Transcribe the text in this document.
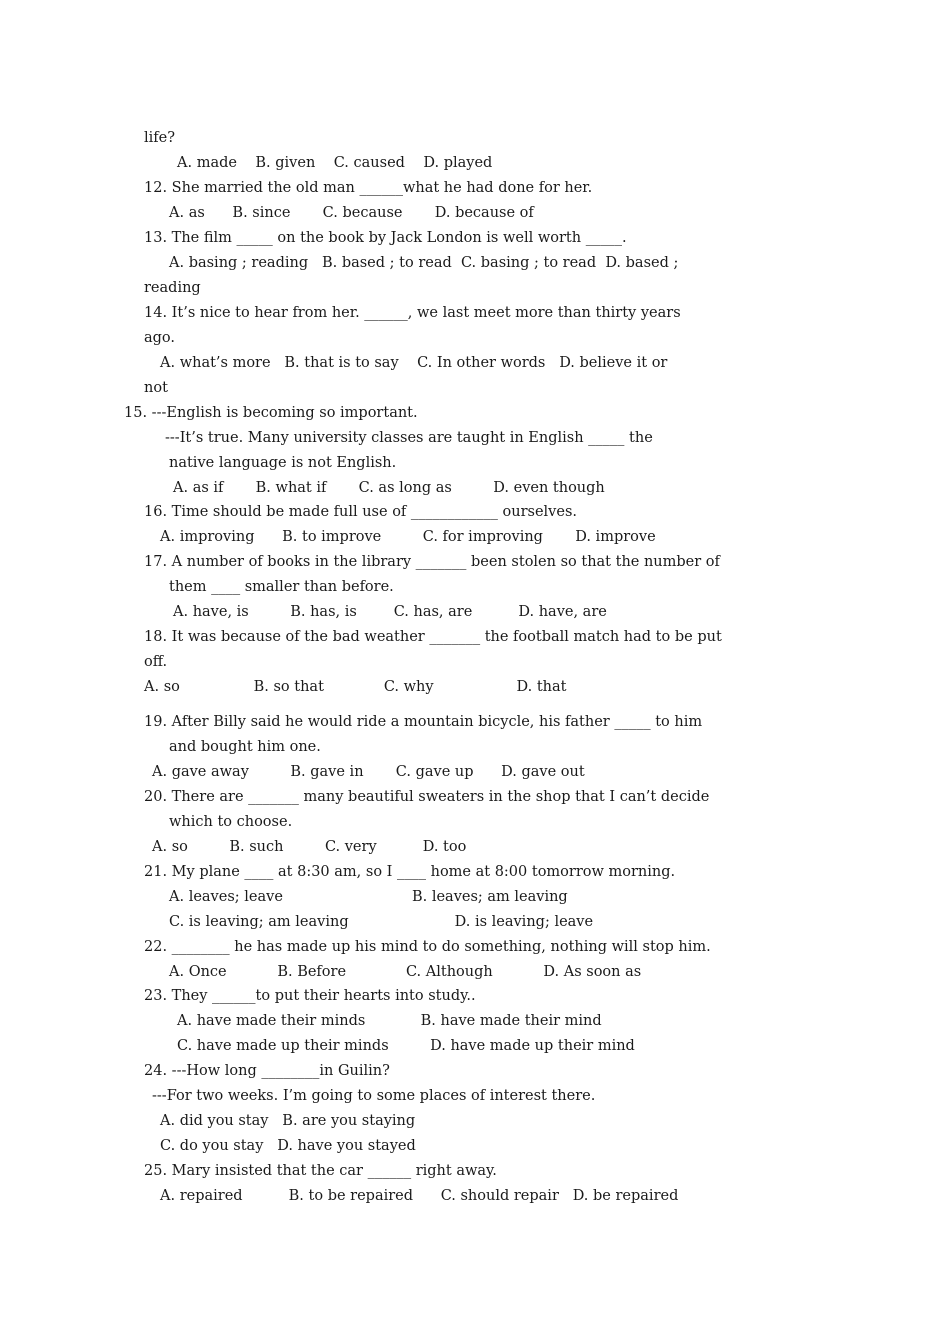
life?
A. made    B. given    C. caused    D. played
12. She married the old man ______what he had done for her.
A. as      B. since       C. because       D. because of
13. The film _____ on the book by Jack London is well worth _____.
A. basing ; reading   B. based ; to read  C. basing ; to read  D. based ;
reading
14. It’s nice to hear from her. ______, we last meet more than thirty years
ago.
A. what’s more   B. that is to say    C. In other words   D. believe it or
not
15. ---English is becoming so important.
---It’s true. Many university classes are taught in English _____ the
native language is not English.
A. as if       B. what if       C. as long as         D. even though
16. Time should be made full use of ____________ ourselves.
A. improving      B. to improve         C. for improving       D. improve
17. A number of books in the library _______ been stolen so that the number of
them ____ smaller than before.
A. have, is         B. has, is        C. has, are          D. have, are
18. It was because of the bad weather _______ the football match had to be put
off.
A. so                B. so that             C. why                  D. that
19. After Billy said he would ride a mountain bicycle, his father _____ to him
and bought him one.
A. gave away         B. gave in       C. gave up      D. gave out
20. There are _______ many beautiful sweaters in the shop that I can’t decide
which to choose.
A. so         B. such         C. very          D. too
21. My plane ____ at 8:30 am, so I ____ home at 8:00 tomorrow morning.
A. leaves; leave                            B. leaves; am leaving
C. is leaving; am leaving                       D. is leaving; leave
22. ________ he has made up his mind to do something, nothing will stop him.
A. Once           B. Before             C. Although           D. As soon as
23. They ______to put their hearts into study..
A. have made their minds            B. have made their mind
C. have made up their minds         D. have made up their mind
24. ---How long ________in Guilin?
---For two weeks. I’m going to some places of interest there.
A. did you stay   B. are you staying
C. do you stay   D. have you stayed
25. Mary insisted that the car ______ right away.
A. repaired          B. to be repaired      C. should repair   D. be repaired
